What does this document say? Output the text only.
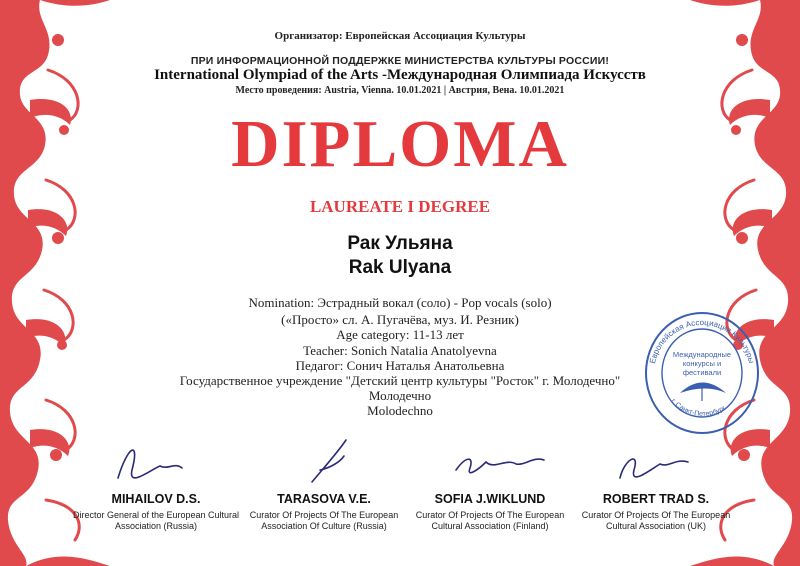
Организатор: Европейская Ассоциация Культуры
ПРИ ИНФОРМАЦИОННОЙ ПОДДЕРЖКЕ МИНИСТЕРСТВА КУЛЬТУРЫ РОССИИ!
International Olympiad of the Arts -Международная Олимпиада Искусств
Место проведения: Austria, Vienna. 10.01.2021 | Австрия, Вена. 10.01.2021
DIPLOMA
LAUREATE I DEGREE
Рак Ульяна
Rak Ulyana
Nomination: Эстрадный вокал (соло) - Pop vocals (solo)
(«Просто» сл. А. Пугачёва, муз. И. Резник)
Age category: 11-13 лет
Teacher: Sonich Natalia Anatolyevna
Педагог: Сонич Наталья Анатольевна
Государственное учреждение "Детский центр культуры "Росток" г. Молодечно"
Молодечно
Molodechno
Европейская Ассоциация Культуры
г. Санкт-Петербург
Международные
конкурсы и
фестивали
MIHAILOV D.S.
Director General of the European Cultural Association (Russia)
TARASOVA V.E.
Curator Of Projects Of The European Association Of Culture (Russia)
SOFIA J.WIKLUND
Curator Of Projects Of The European Cultural Association (Finland)
ROBERT TRAD S.
Curator Of Projects Of The European Cultural Association (UK)
